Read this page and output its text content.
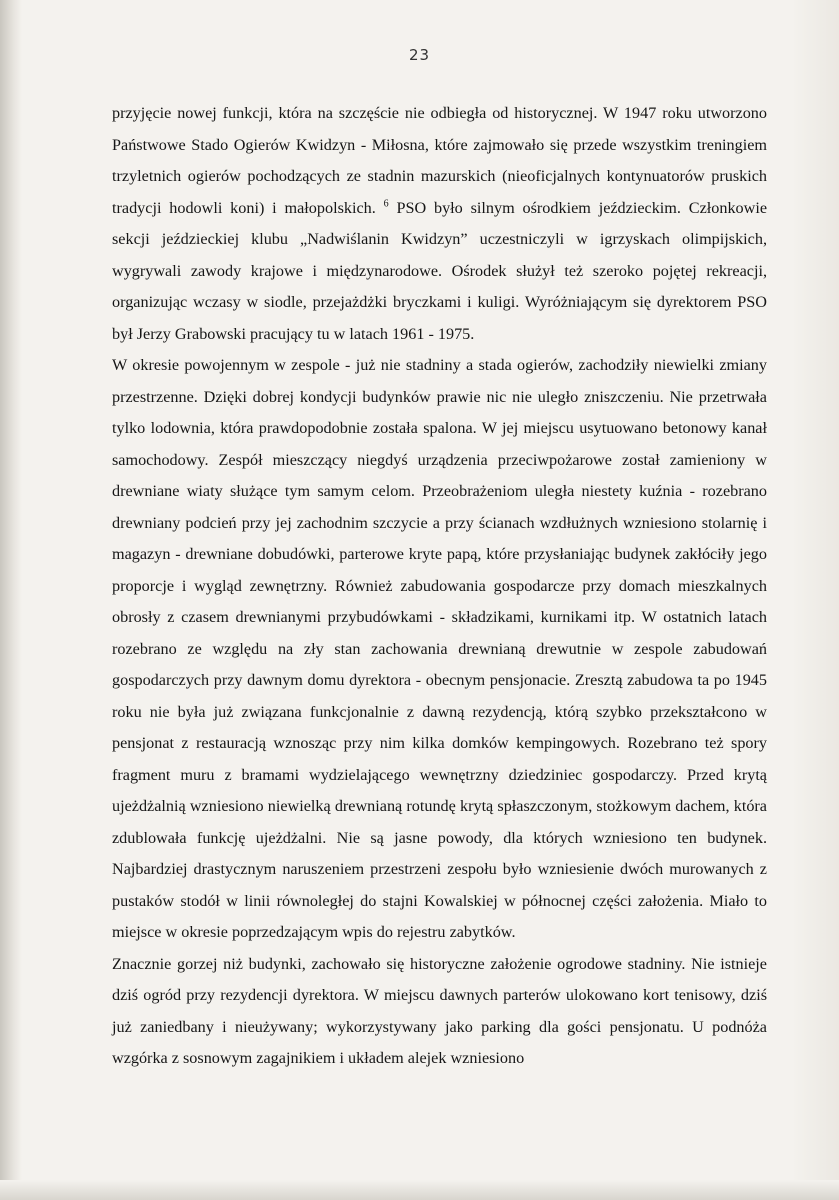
23

przyjęcie nowej funkcji, która na szczęście nie odbiegła od historycznej. W 1947 roku utworzono Państwowe Stado Ogierów Kwidzyn - Miłosna, które zajmowało się przede wszystkim treningiem trzyletnich ogierów pochodzących ze stadnin mazurskich (nieoficjalnych kontynuatorów pruskich tradycji hodowli koni) i małopolskich. $^6$ PSO było silnym ośrodkiem jeździeckim. Członkowie sekcji jeździeckiej klubu „Nadwiślanin Kwidzyn” uczestniczyli w igrzyskach olimpijskich, wygrywali zawody krajowe i międzynarodowe. Ośrodek służył też szeroko pojętej rekreacji, organizując wczasy w siodle, przejażdżki bryczkami i kuligi. Wyróżniającym się dyrektorem PSO był Jerzy Grabowski pracujący tu w latach 1961 - 1975.

W okresie powojennym w zespole - już nie stadniny a stada ogierów, zachodziły niewielki zmiany przestrzenne. Dzięki dobrej kondycji budynków prawie nic nie uległo zniszczeniu. Nie przetrwała tylko lodownia, która prawdopodobnie została spalona. W jej miejscu usytuowano betonowy kanał samochodowy. Zespół mieszczący niegdyś urządzenia przeciwpożarowe został zamieniony w drewniane wiaty służące tym samym celom. Przeobrażeniom uległa niestety kuźnia - rozebrano drewniany podcień przy jej zachodnim szczycie a przy ścianach wzdłużnych wzniesiono stolarnię i magazyn - drewniane dobudówki, parterowe kryte papą, które przysłaniając budynek zakłóciły jego proporcje i wygląd zewnętrzny. Również zabudowania gospodarcze przy domach mieszkalnych obrosły z czasem drewnianymi przybudówkami - składzikami, kurnikami itp. W ostatnich latach rozebrano ze względu na zły stan zachowania drewnianą drewutnie w zespole zabudowań gospodarczych przy dawnym domu dyrektora - obecnym pensjonacie. Zresztą zabudowa ta po 1945 roku nie była już związana funkcjonalnie z dawną rezydencją, którą szybko przekształcono w pensjonat z restauracją wznosząc przy nim kilka domków kempingowych. Rozebrano też spory fragment muru z bramami wydzielającego wewnętrzny dziedziniec gospodarczy. Przed krytą ujeżdżalnią wzniesiono niewielką drewnianą rotundę krytą spłaszczonym, stożkowym dachem, która zdublowała funkcję ujeżdżalni. Nie są jasne powody, dla których wzniesiono ten budynek. Najbardziej drastycznym naruszeniem przestrzeni zespołu było wzniesienie dwóch murowanych z pustaków stodół w linii równoległej do stajni Kowalskiej w północnej części założenia. Miało to miejsce w okresie poprzedzającym wpis do rejestru zabytków.

Znacznie gorzej niż budynki, zachowało się historyczne założenie ogrodowe stadniny. Nie istnieje dziś ogród przy rezydencji dyrektora. W miejscu dawnych parterów ulokowano kort tenisowy, dziś już zaniedbany i nieużywany; wykorzystywany jako parking dla gości pensjonatu. U podnóża wzgórka z sosnowym zagajnikiem i układem alejek wzniesiono
